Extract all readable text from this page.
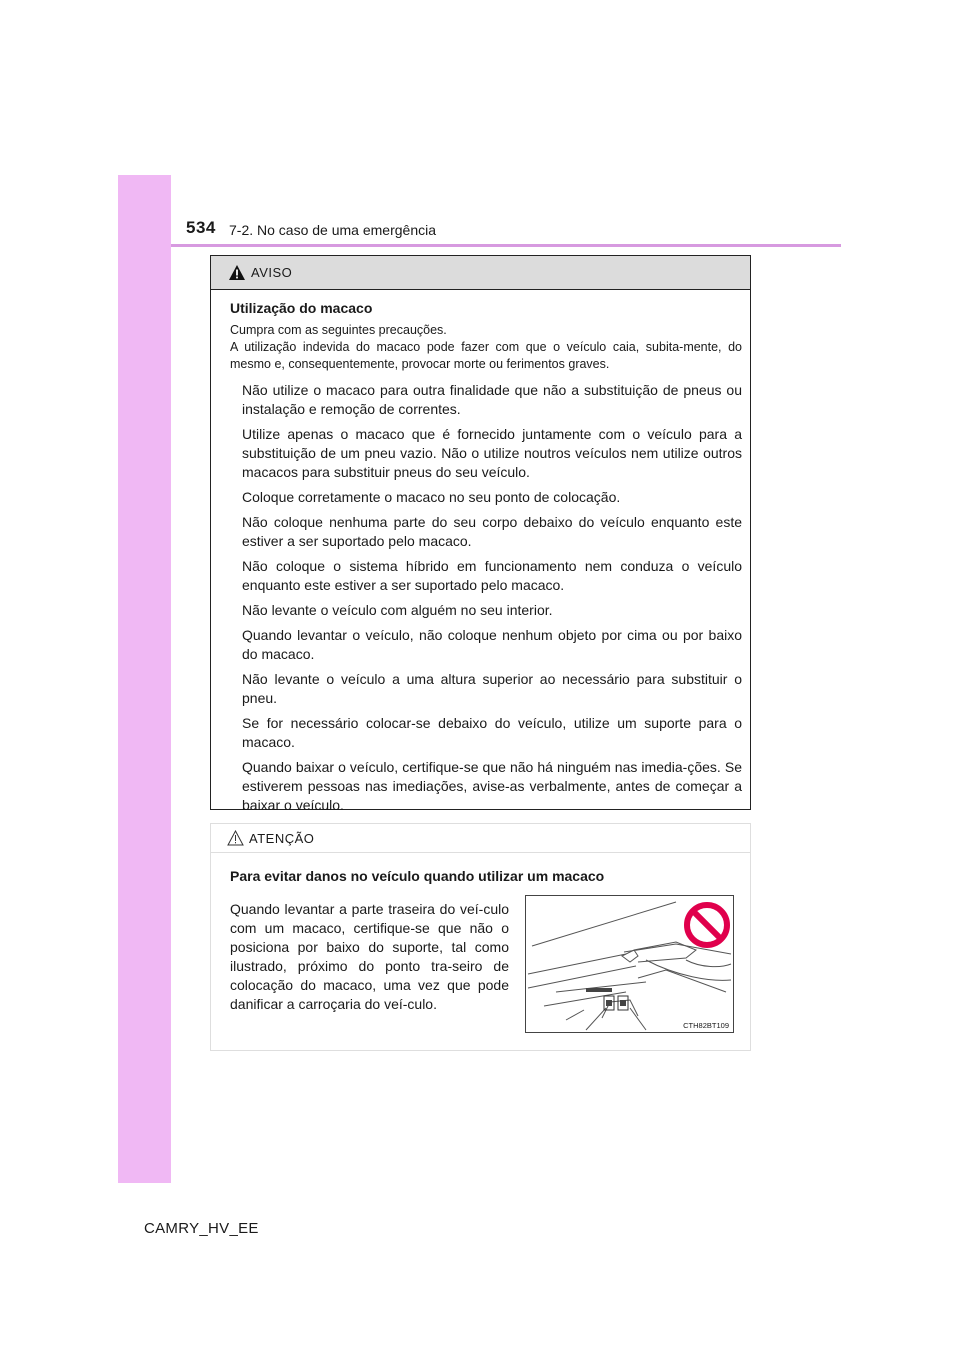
534 7-2. No caso de uma emergência
AVISO
Utilização do macaco
Cumpra com as seguintes precauções.
A utilização indevida do macaco pode fazer com que o veículo caia, subita-mente, do mesmo e, consequentemente, provocar morte ou ferimentos graves.
Não utilize o macaco para outra finalidade que não a substituição de pneus ou instalação e remoção de correntes.
Utilize apenas o macaco que é fornecido juntamente com o veículo para a substituição de um pneu vazio. Não o utilize noutros veículos nem utilize outros macacos para substituir pneus do seu veículo.
Coloque corretamente o macaco no seu ponto de colocação.
Não coloque nenhuma parte do seu corpo debaixo do veículo enquanto este estiver a ser suportado pelo macaco.
Não coloque o sistema híbrido em funcionamento nem conduza o veículo enquanto este estiver a ser suportado pelo macaco.
Não levante o veículo com alguém no seu interior.
Quando levantar o veículo, não coloque nenhum objeto por cima ou por baixo do macaco.
Não levante o veículo a uma altura superior ao necessário para substituir o pneu.
Se for necessário colocar-se debaixo do veículo, utilize um suporte para o macaco.
Quando baixar o veículo, certifique-se que não há ninguém nas imedia-ções. Se estiverem pessoas nas imediações, avise-as verbalmente, antes de começar a baixar o veículo.
ATENÇÃO
Para evitar danos no veículo quando utilizar um macaco
Quando levantar a parte traseira do veí-culo com um macaco, certifique-se que não o posiciona por baixo do suporte, tal como ilustrado, próximo do ponto tra-seiro de colocação do macaco, uma vez que pode danificar a carroçaria do veí-culo.
CTH82BT109
CAMRY_HV_EE
